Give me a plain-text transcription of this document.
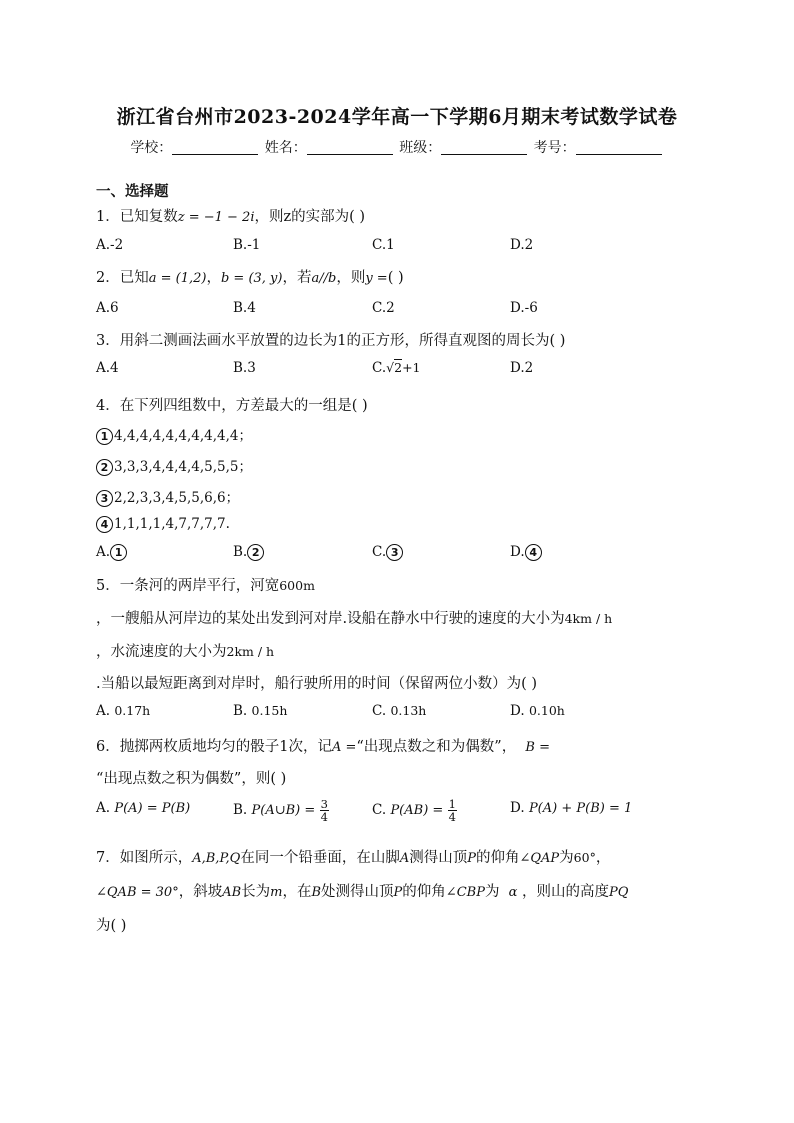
浙江省台州市2023-2024学年高一下学期6月期末考试数学试卷
学校：	姓名：	班级：	考号：
一、选择题
1．已知复数z = −1 − 2i，则z的实部为( )
A.-2	B.-1	C.1	D.2
2．已知a = (1,2)，b = (3, y)，若a//b，则y =( )
A.6	B.4	C.2	D.-6
3．用斜二测画法画水平放置的边长为1的正方形，所得直观图的周长为( )
A.4	B.3	C.√2+1	D.2
4．在下列四组数中，方差最大的一组是( )
1 4,4,4,4,4,4,4,4,4,4；
2 3,3,3,4,4,4,4,5,5,5；
3 2,2,3,3,4,5,5,6,6；
4 1,1,1,1,4,7,7,7,7.
A. 1	B. 2	C. 3	D. 4
5．一条河的两岸平行，河宽600m
，一艘船从河岸边的某处出发到河对岸.设船在静水中行驶的速度的大小为4km / h
，水流速度的大小为2km / h
.当船以最短距离到对岸时，船行驶所用的时间（保留两位小数）为( )
A. 0.17h	B. 0.15h	C. 0.13h	D. 0.10h
6．抛掷两枚质地均匀的骰子1次，记A =“出现点数之和为偶数”， B =
“出现点数之积为偶数”，则( )
A. P(A) = P(B)	B. P(A∪B) = $\frac{3}{4}$	C. $P(AB) = \frac{1}{4}$	D. P(A) + P(B) = 1
7．如图所示，A,B,P,Q在同一个铅垂面，在山脚A测得山顶P的仰角∠QAP为60°，
∠QAB = 30°，斜坡AB长为m，在B处测得山顶P的仰角∠CBP为 α ，则山的高度PQ
为( )
